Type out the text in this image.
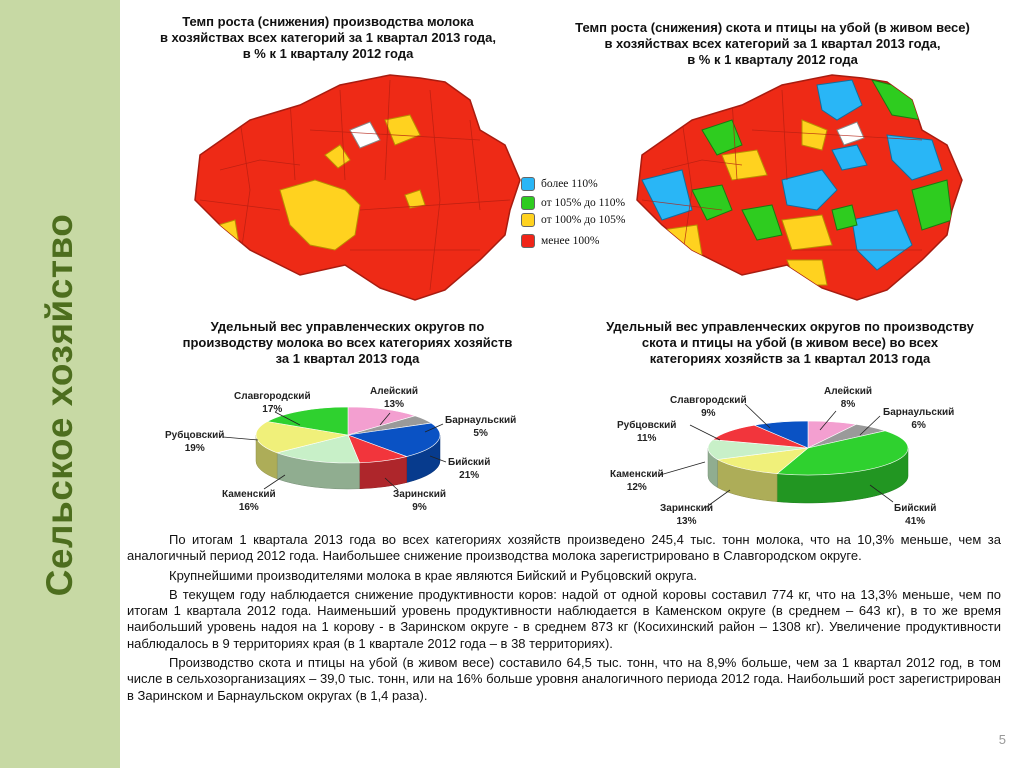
Сельское хозяйство
Темп роста (снижения) производства молока
в хозяйствах всех категорий за 1 квартал 2013 года,
в % к 1 кварталу 2012 года
Темп роста (снижения) скота и птицы на убой (в живом весе)
в хозяйствах всех категорий за 1 квартал 2013 года,
в % к 1 кварталу 2012 года
более 110%
от 105% до 110%
от 100% до 105%
менее 100%
Удельный вес управленческих округов по
производству молока во всех категориях хозяйств
за 1 квартал 2013 года
Удельный вес управленческих округов по производству
скота и птицы на убой (в живом весе) во всех
категориях хозяйств за 1 квартал 2013 года
Алейский
13%
Барнаульский
5%
Бийский
21%
Заринский
9%
Каменский
16%
Рубцовский
19%
Славгородский
17%
Алейский
8%
Барнаульский
6%
Бийский
41%
Заринский
13%
Каменский
12%
Рубцовский
11%
Славгородский
9%

По итогам 1 квартала 2013 года во всех категориях хозяйств произведено 245,4 тыс. тонн молока, что на 10,3% меньше, чем за аналогичный период 2012 года. Наибольшее снижение производства молока зарегистрировано в Славгородском округе.

Крупнейшими производителями молока в крае являются Бийский и Рубцовский округа.

В текущем году наблюдается снижение продуктивности коров: надой от одной коровы составил 774 кг, что на 13,3% меньше, чем по итогам 1 квартала 2012 года. Наименьший уровень продуктивности наблюдается в Каменском округе (в среднем – 643 кг), в то же время наибольший уровень надоя на 1 корову - в Заринском округе - в среднем 873 кг (Косихинский район – 1308 кг). Увеличение продуктивности наблюдалось в 9 территориях края (в 1 квартале 2012 года – в 38 территориях).

Производство скота и птицы на убой (в живом весе) составило 64,5 тыс. тонн, что на 8,9% больше, чем за 1 квартал 2012 год, в том числе в сельхозорганизациях – 39,0 тыс. тонн, или на 16% больше уровня аналогичного периода 2012 года. Наибольший рост зарегистрирован в Заринском и Барнаульском округах (в 1,4 раза).

5
